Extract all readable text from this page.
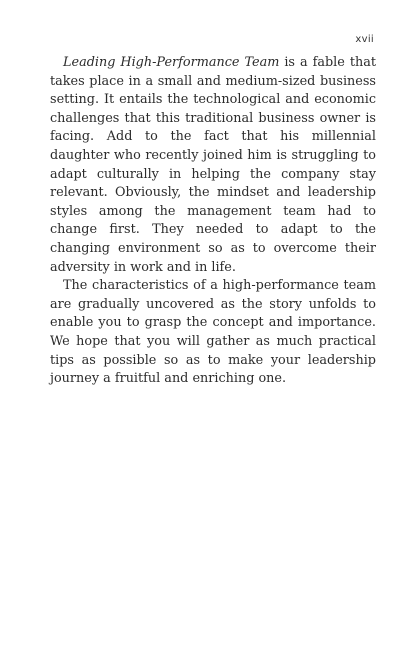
xvii

Leading High-Performance Team is a fable that takes place in a small and medium-sized business setting. It entails the technological and economic challenges that this traditional business owner is facing. Add to the fact that his millennial daughter who recently joined him is struggling to adapt culturally in helping the company stay relevant. Obviously, the mindset and leadership styles among the management team had to change first. They needed to adapt to the changing environment so as to overcome their adversity in work and in life.

The characteristics of a high-performance team are gradually uncovered as the story unfolds to enable you to grasp the concept and importance. We hope that you will gather as much practical tips as possible so as to make your leadership journey a fruitful and enriching one.
